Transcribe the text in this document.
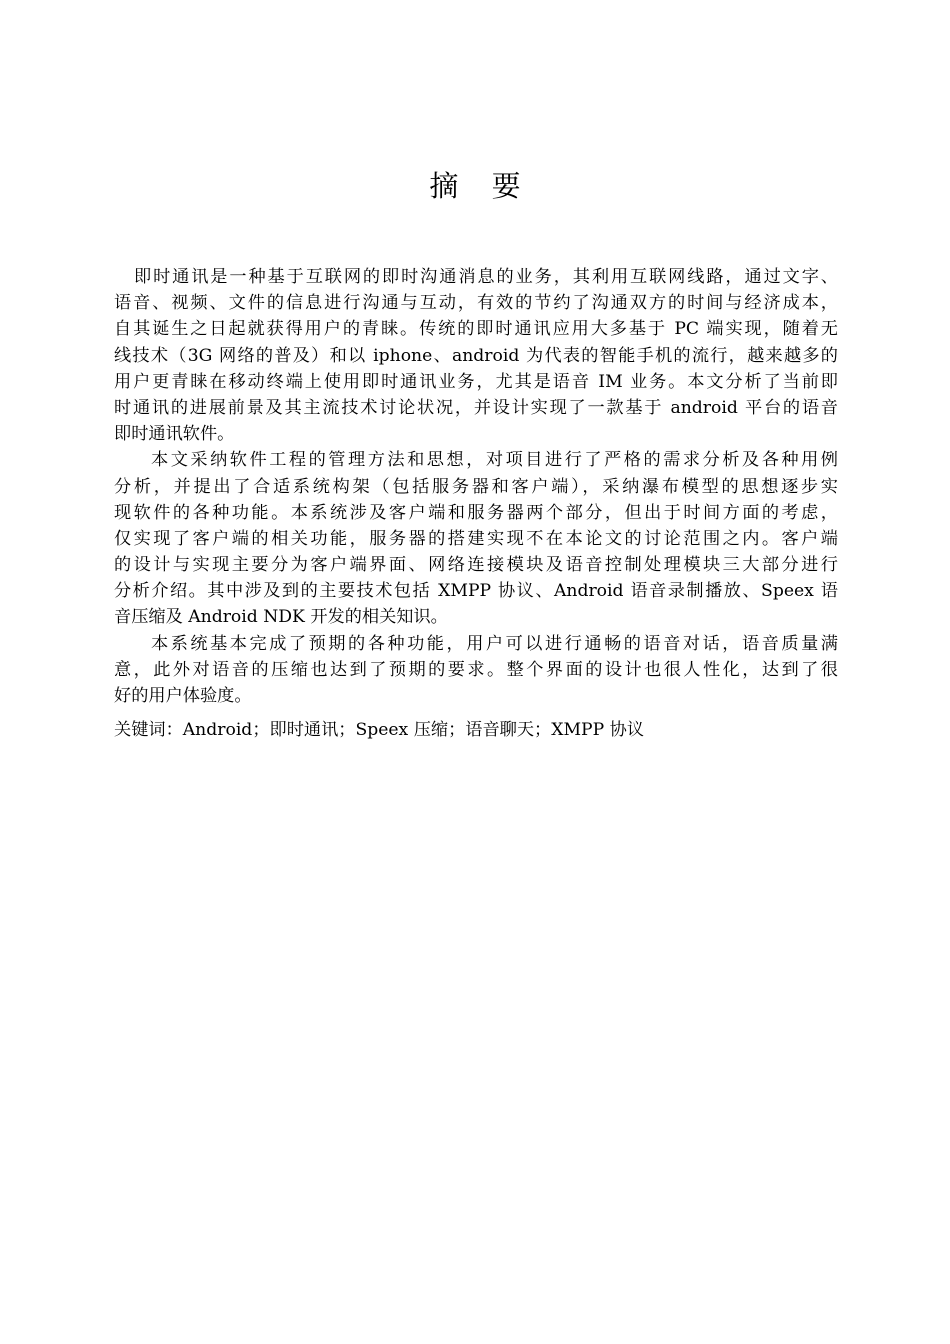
摘 要
即时通讯是一种基于互联网的即时沟通消息的业务，其利用互联网线路，通过文字、
语音、视频、文件的信息进行沟通与互动，有效的节约了沟通双方的时间与经济成本，
自其诞生之日起就获得用户的青睐。传统的即时通讯应用大多基于 PC 端实现，随着无
线技术（3G 网络的普及）和以 iphone、android 为代表的智能手机的流行，越来越多的
用户更青睐在移动终端上使用即时通讯业务，尤其是语音 IM 业务。本文分析了当前即
时通讯的进展前景及其主流技术讨论状况，并设计实现了一款基于 android 平台的语音
即时通讯软件。
本文采纳软件工程的管理方法和思想，对项目进行了严格的需求分析及各种用例
分析，并提出了合适系统构架（包括服务器和客户端），采纳瀑布模型的思想逐步实
现软件的各种功能。本系统涉及客户端和服务器两个部分，但出于时间方面的考虑，
仅实现了客户端的相关功能，服务器的搭建实现不在本论文的讨论范围之内。客户端
的设计与实现主要分为客户端界面、网络连接模块及语音控制处理模块三大部分进行
分析介绍。其中涉及到的主要技术包括 XMPP 协议、Android 语音录制播放、Speex 语
音压缩及 Android NDK 开发的相关知识。
本系统基本完成了预期的各种功能，用户可以进行通畅的语音对话，语音质量满
意，此外对语音的压缩也达到了预期的要求。整个界面的设计也很人性化，达到了很
好的用户体验度。
关键词：Android；即时通讯；Speex 压缩；语音聊天；XMPP 协议
